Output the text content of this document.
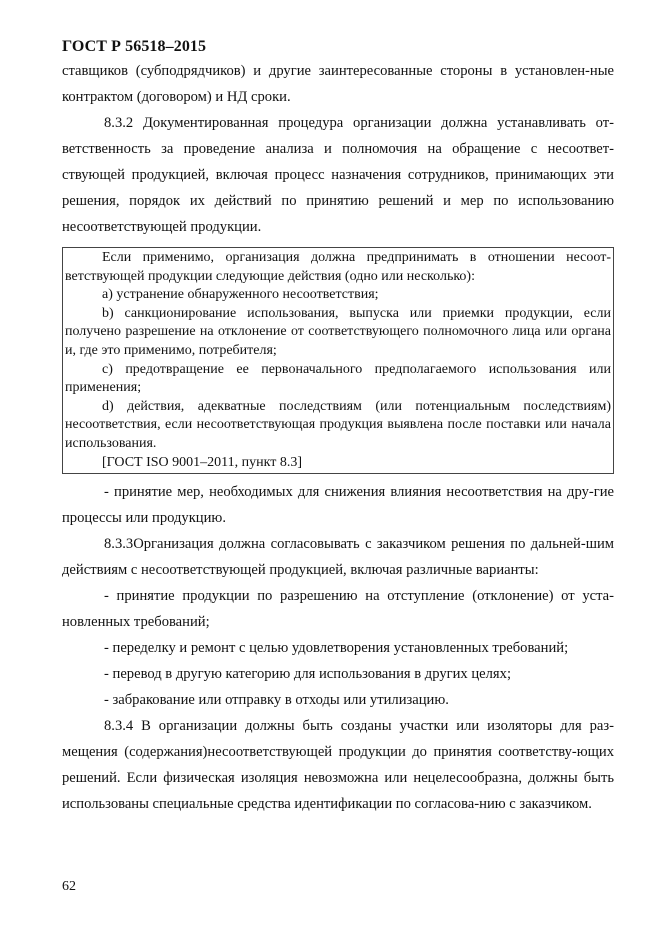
ГОСТ Р 56518–2015

ставщиков (субподрядчиков) и другие заинтересованные стороны в установлен-ные контрактом (договором) и НД сроки.

8.3.2 Документированная процедура организации должна устанавливать от-ветственность за проведение анализа и полномочия на обращение с несоответ-ствующей продукцией, включая процесс назначения сотрудников, принимающих эти решения, порядок их действий по принятию решений и мер по использованию несоответствующей продукции.

Если применимо, организация должна предпринимать в отношении несоот-ветствующей продукции следующие действия (одно или несколько):

a) устранение обнаруженного несоответствия;

b) санкционирование использования, выпуска или приемки продукции, если получено разрешение на отклонение от соответствующего полномочного лица или органа и, где это применимо, потребителя;

c) предотвращение ее первоначального предполагаемого использования или применения;

d) действия, адекватные последствиям (или потенциальным последствиям) несоответствия, если несоответствующая продукция выявлена после поставки или начала использования.

[ГОСТ ISO 9001–2011, пункт 8.3]

- принятие мер, необходимых для снижения влияния несоответствия на дру-гие процессы или продукцию.

8.3.3Организация должна согласовывать с заказчиком решения по дальней-шим действиям с несоответствующей продукцией, включая различные варианты:

- принятие продукции по разрешению на отступление (отклонение) от уста-новленных требований;

- переделку и ремонт с целью удовлетворения установленных требований;

- перевод в другую категорию для использования в других целях;

- забракование или отправку в отходы или утилизацию.

8.3.4 В организации должны быть созданы участки или изоляторы для раз-мещения (содержания)несоответствующей продукции до принятия соответству-ющих решений. Если физическая изоляция невозможна или нецелесообразна, должны быть использованы специальные средства идентификации по согласова-нию с заказчиком.

62
